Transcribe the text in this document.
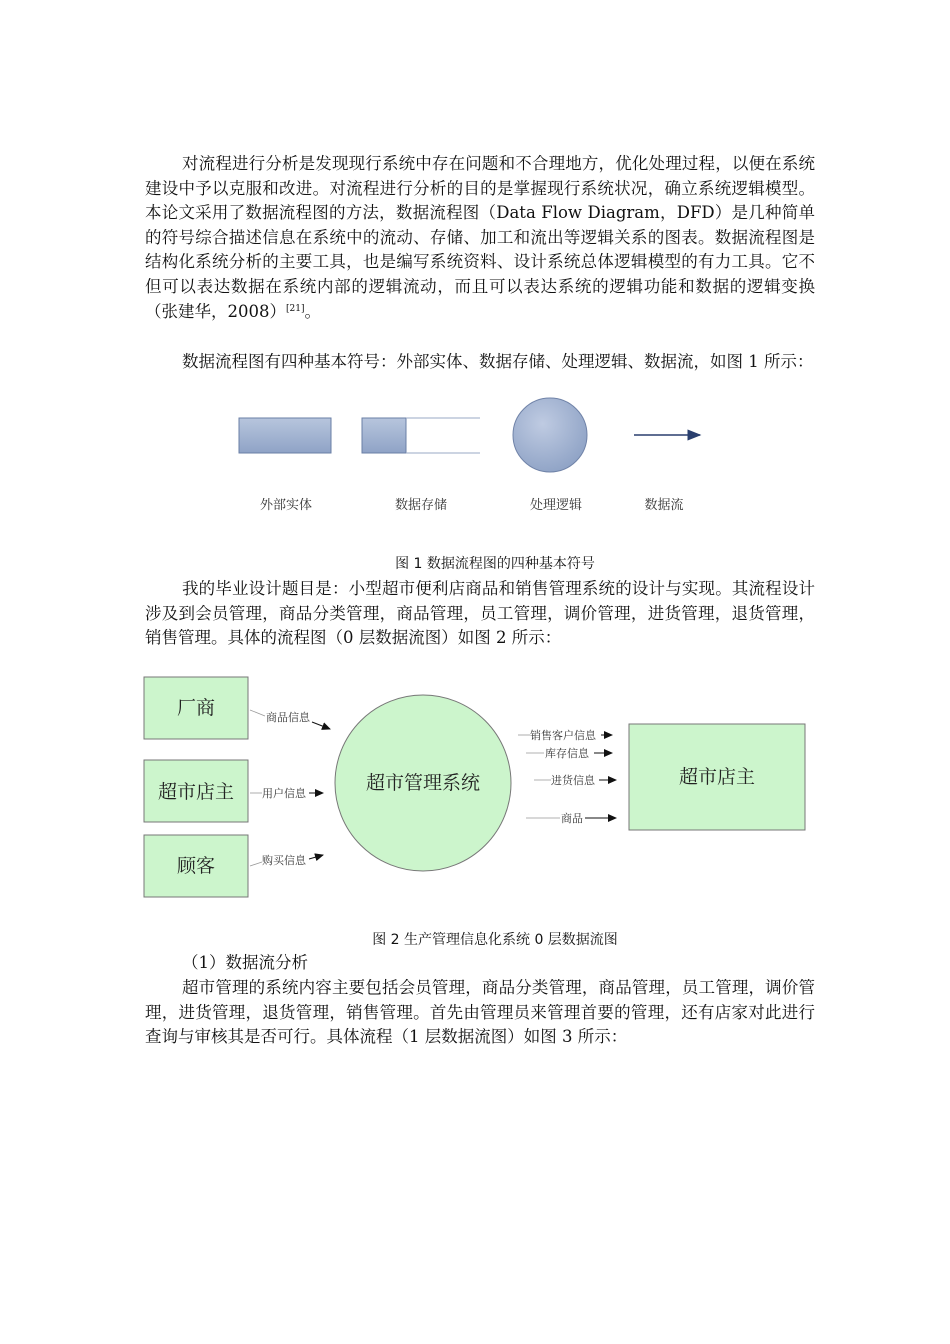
对流程进行分析是发现现行系统中存在问题和不合理地方，优化处理过程，以便在系统建设中予以克服和改进。对流程进行分析的目的是掌握现行系统状况，确立系统逻辑模型。本论文采用了数据流程图的方法，数据流程图（Data Flow Diagram，DFD）是几种简单的符号综合描述信息在系统中的流动、存储、加工和流出等逻辑关系的图表。数据流程图是结构化系统分析的主要工具，也是编写系统资料、设计系统总体逻辑模型的有力工具。它不但可以表达数据在系统内部的逻辑流动，而且可以表达系统的逻辑功能和数据的逻辑变换（张建华，2008）[21]。

数据流程图有四种基本符号：外部实体、数据存储、处理逻辑、数据流，如图 1 所示：

外部实体	数据存储	处理逻辑	数据流
图 1 数据流程图的四种基本符号

我的毕业设计题目是：小型超市便利店商品和销售管理系统的设计与实现。其流程设计涉及到会员管理，商品分类管理，商品管理，员工管理，调价管理，进货管理，退货管理，销售管理。具体的流程图（0 层数据流图）如图 2 所示：

厂商
超市店主
顾客
超市管理系统	超市店主
商品信息
用户信息
购买信息
销售客户信息
库存信息
进货信息
商品
图 2 生产管理信息化系统 0 层数据流图

（1）数据流分析

超市管理的系统内容主要包括会员管理，商品分类管理，商品管理，员工管理，调价管理，进货管理，退货管理，销售管理。首先由管理员来管理首要的管理，还有店家对此进行查询与审核其是否可行。具体流程（1 层数据流图）如图 3 所示：
